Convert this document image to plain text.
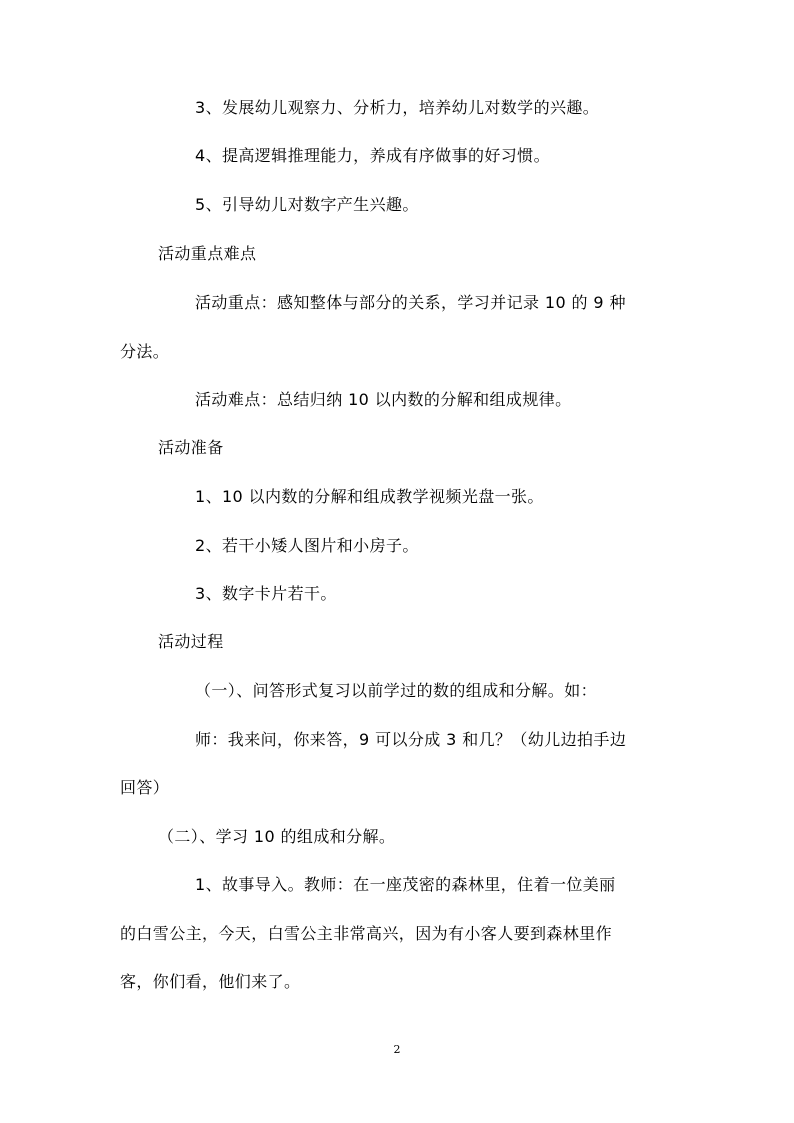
3、发展幼儿观察力、分析力，培养幼儿对数学的兴趣。
4、提高逻辑推理能力，养成有序做事的好习惯。
5、引导幼儿对数字产生兴趣。
活动重点难点
活动重点：感知整体与部分的关系，学习并记录 10 的 9 种
分法。
活动难点：总结归纳 10 以内数的分解和组成规律。
活动准备
1、10 以内数的分解和组成教学视频光盘一张。
2、若干小矮人图片和小房子。
3、数字卡片若干。
活动过程
（一）、问答形式复习以前学过的数的组成和分解。如：
师：我来问，你来答，9 可以分成 3 和几？（幼儿边拍手边
回答）
（二）、学习 10 的组成和分解。
1、故事导入。教师：在一座茂密的森林里，住着一位美丽
的白雪公主，今天，白雪公主非常高兴，因为有小客人要到森林里作
客，你们看，他们来了。
2
